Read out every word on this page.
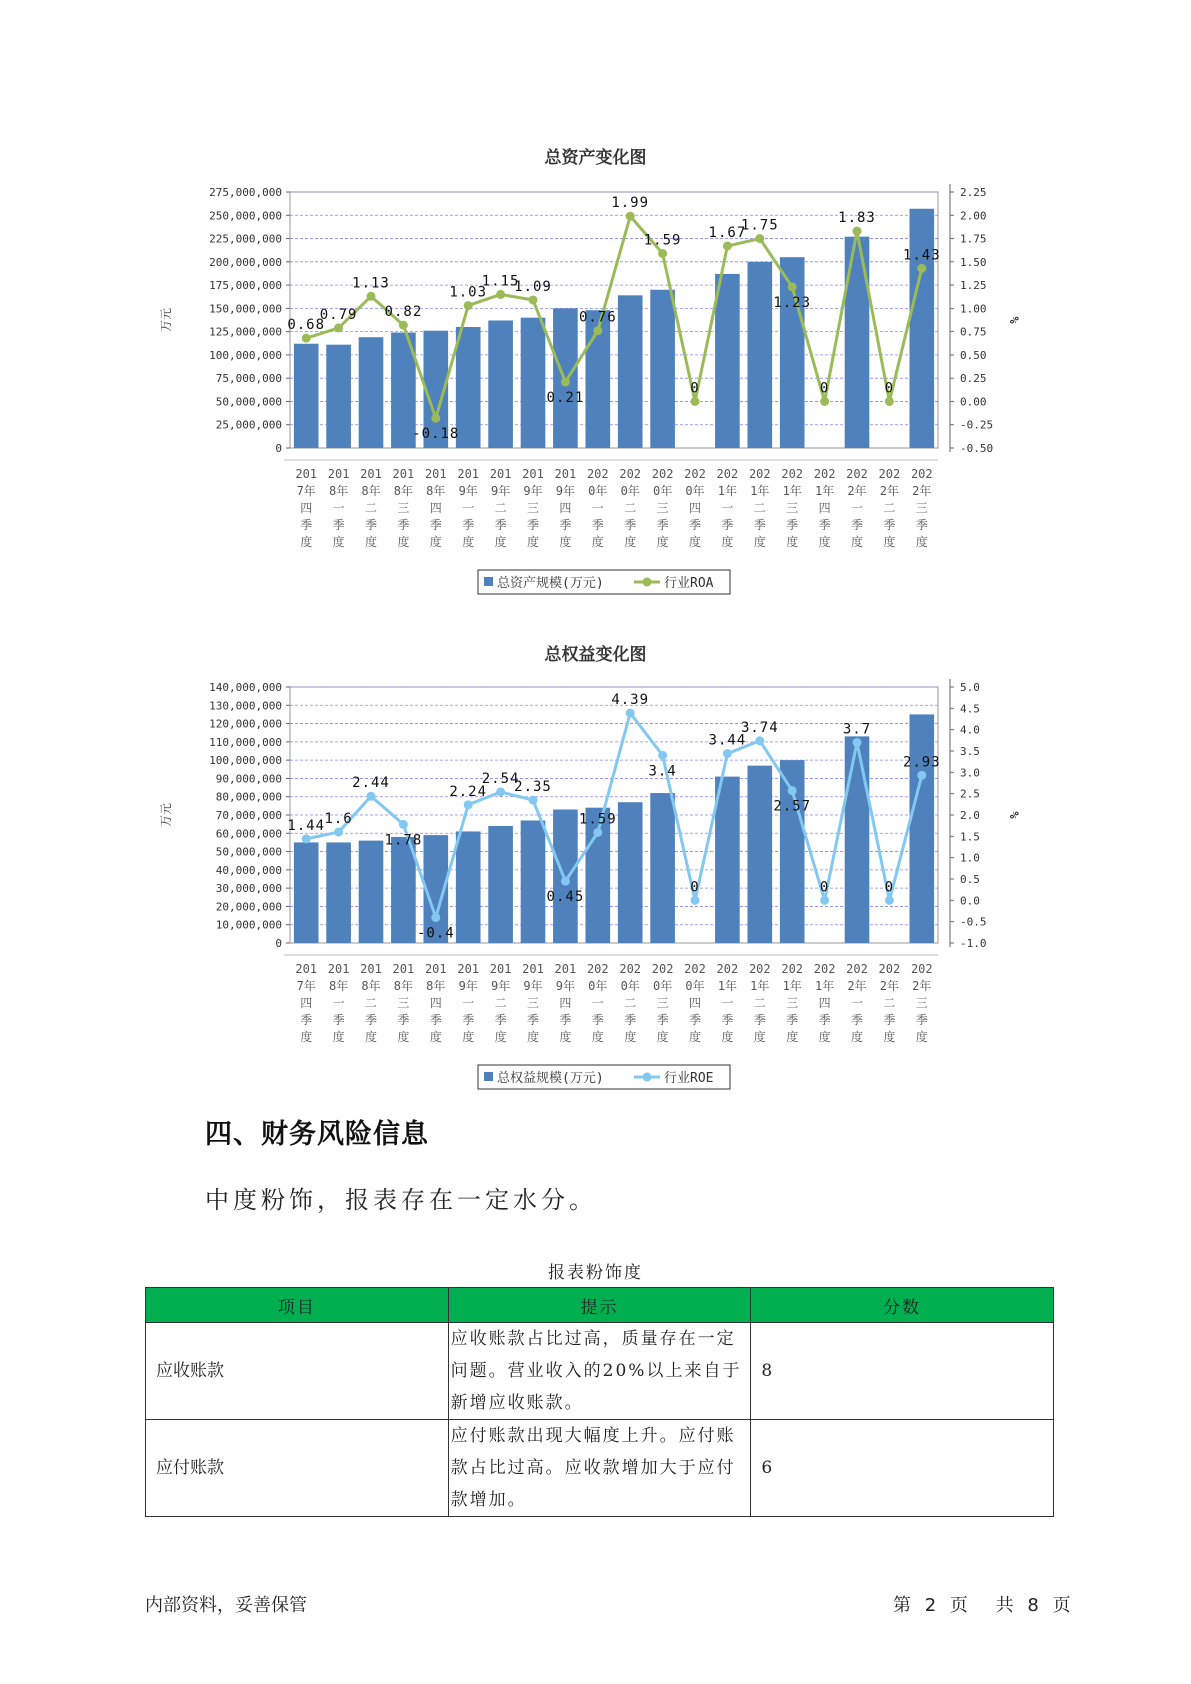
总资产变化图
0
25,000,000
50,000,000
75,000,000
100,000,000
125,000,000
150,000,000
175,000,000
200,000,000
225,000,000
250,000,000
275,000,000
-0.50
-0.25
0.00
0.25
0.50
0.75
1.00
1.25
1.50
1.75
2.00
2.25
万元	%
201
7年
四
季
度
201
8年
一
季
度
201
8年
二
季
度
201
8年
三
季
度
201
8年
四
季
度
201
9年
一
季
度
201
9年
二
季
度
201
9年
三
季
度
201
9年
四
季
度
202
0年
一
季
度
202
0年
二
季
度
202
0年
三
季
度
202
0年
四
季
度
202
1年
一
季
度
202
1年
二
季
度
202
1年
三
季
度
202
1年
四
季
度
202
2年
一
季
度
202
2年
二
季
度
202
2年
三
季
度
0.68
0.79
1.13
0.82
-0.18
1.03
1.15
1.09
0.21
0.76
1.99
1.59
0
1.67
1.75
1.23
0
1.83
0
1.43
总资产规模(万元)	行业ROA
总权益变化图
0
10,000,000
20,000,000
30,000,000
40,000,000
50,000,000
60,000,000
70,000,000
80,000,000
90,000,000
100,000,000
110,000,000
120,000,000
130,000,000
140,000,000
-1.0
-0.5
0.0
0.5
1.0
1.5
2.0
2.5
3.0
3.5
4.0
4.5
5.0
万元	%
201
7年
四
季
度
201
8年
一
季
度
201
8年
二
季
度
201
8年
三
季
度
201
8年
四
季
度
201
9年
一
季
度
201
9年
二
季
度
201
9年
三
季
度
201
9年
四
季
度
202
0年
一
季
度
202
0年
二
季
度
202
0年
三
季
度
202
0年
四
季
度
202
1年
一
季
度
202
1年
二
季
度
202
1年
三
季
度
202
1年
四
季
度
202
2年
一
季
度
202
2年
二
季
度
202
2年
三
季
度
1.44 1.6
2.44
1.78
-0.4
2.24
2.54
2.35
0.45
1.59
4.39
3.4
0
3.44
3.74
2.57
0
3.7
0
2.93
总权益规模(万元)	行业ROE
四、财务风险信息
中度粉饰，报表存在一定水分。
报表粉饰度
项目	提示	分数
应收账款	应收账款占比过高，质量存在一定问题。营业收入的20%以上来自于新增应收账款。	8
应付账款	应付账款出现大幅度上升。应付账款占比过高。应收款增加大于应付款增加。	6
内部资料，妥善保管	第 2 页 共 8 页
